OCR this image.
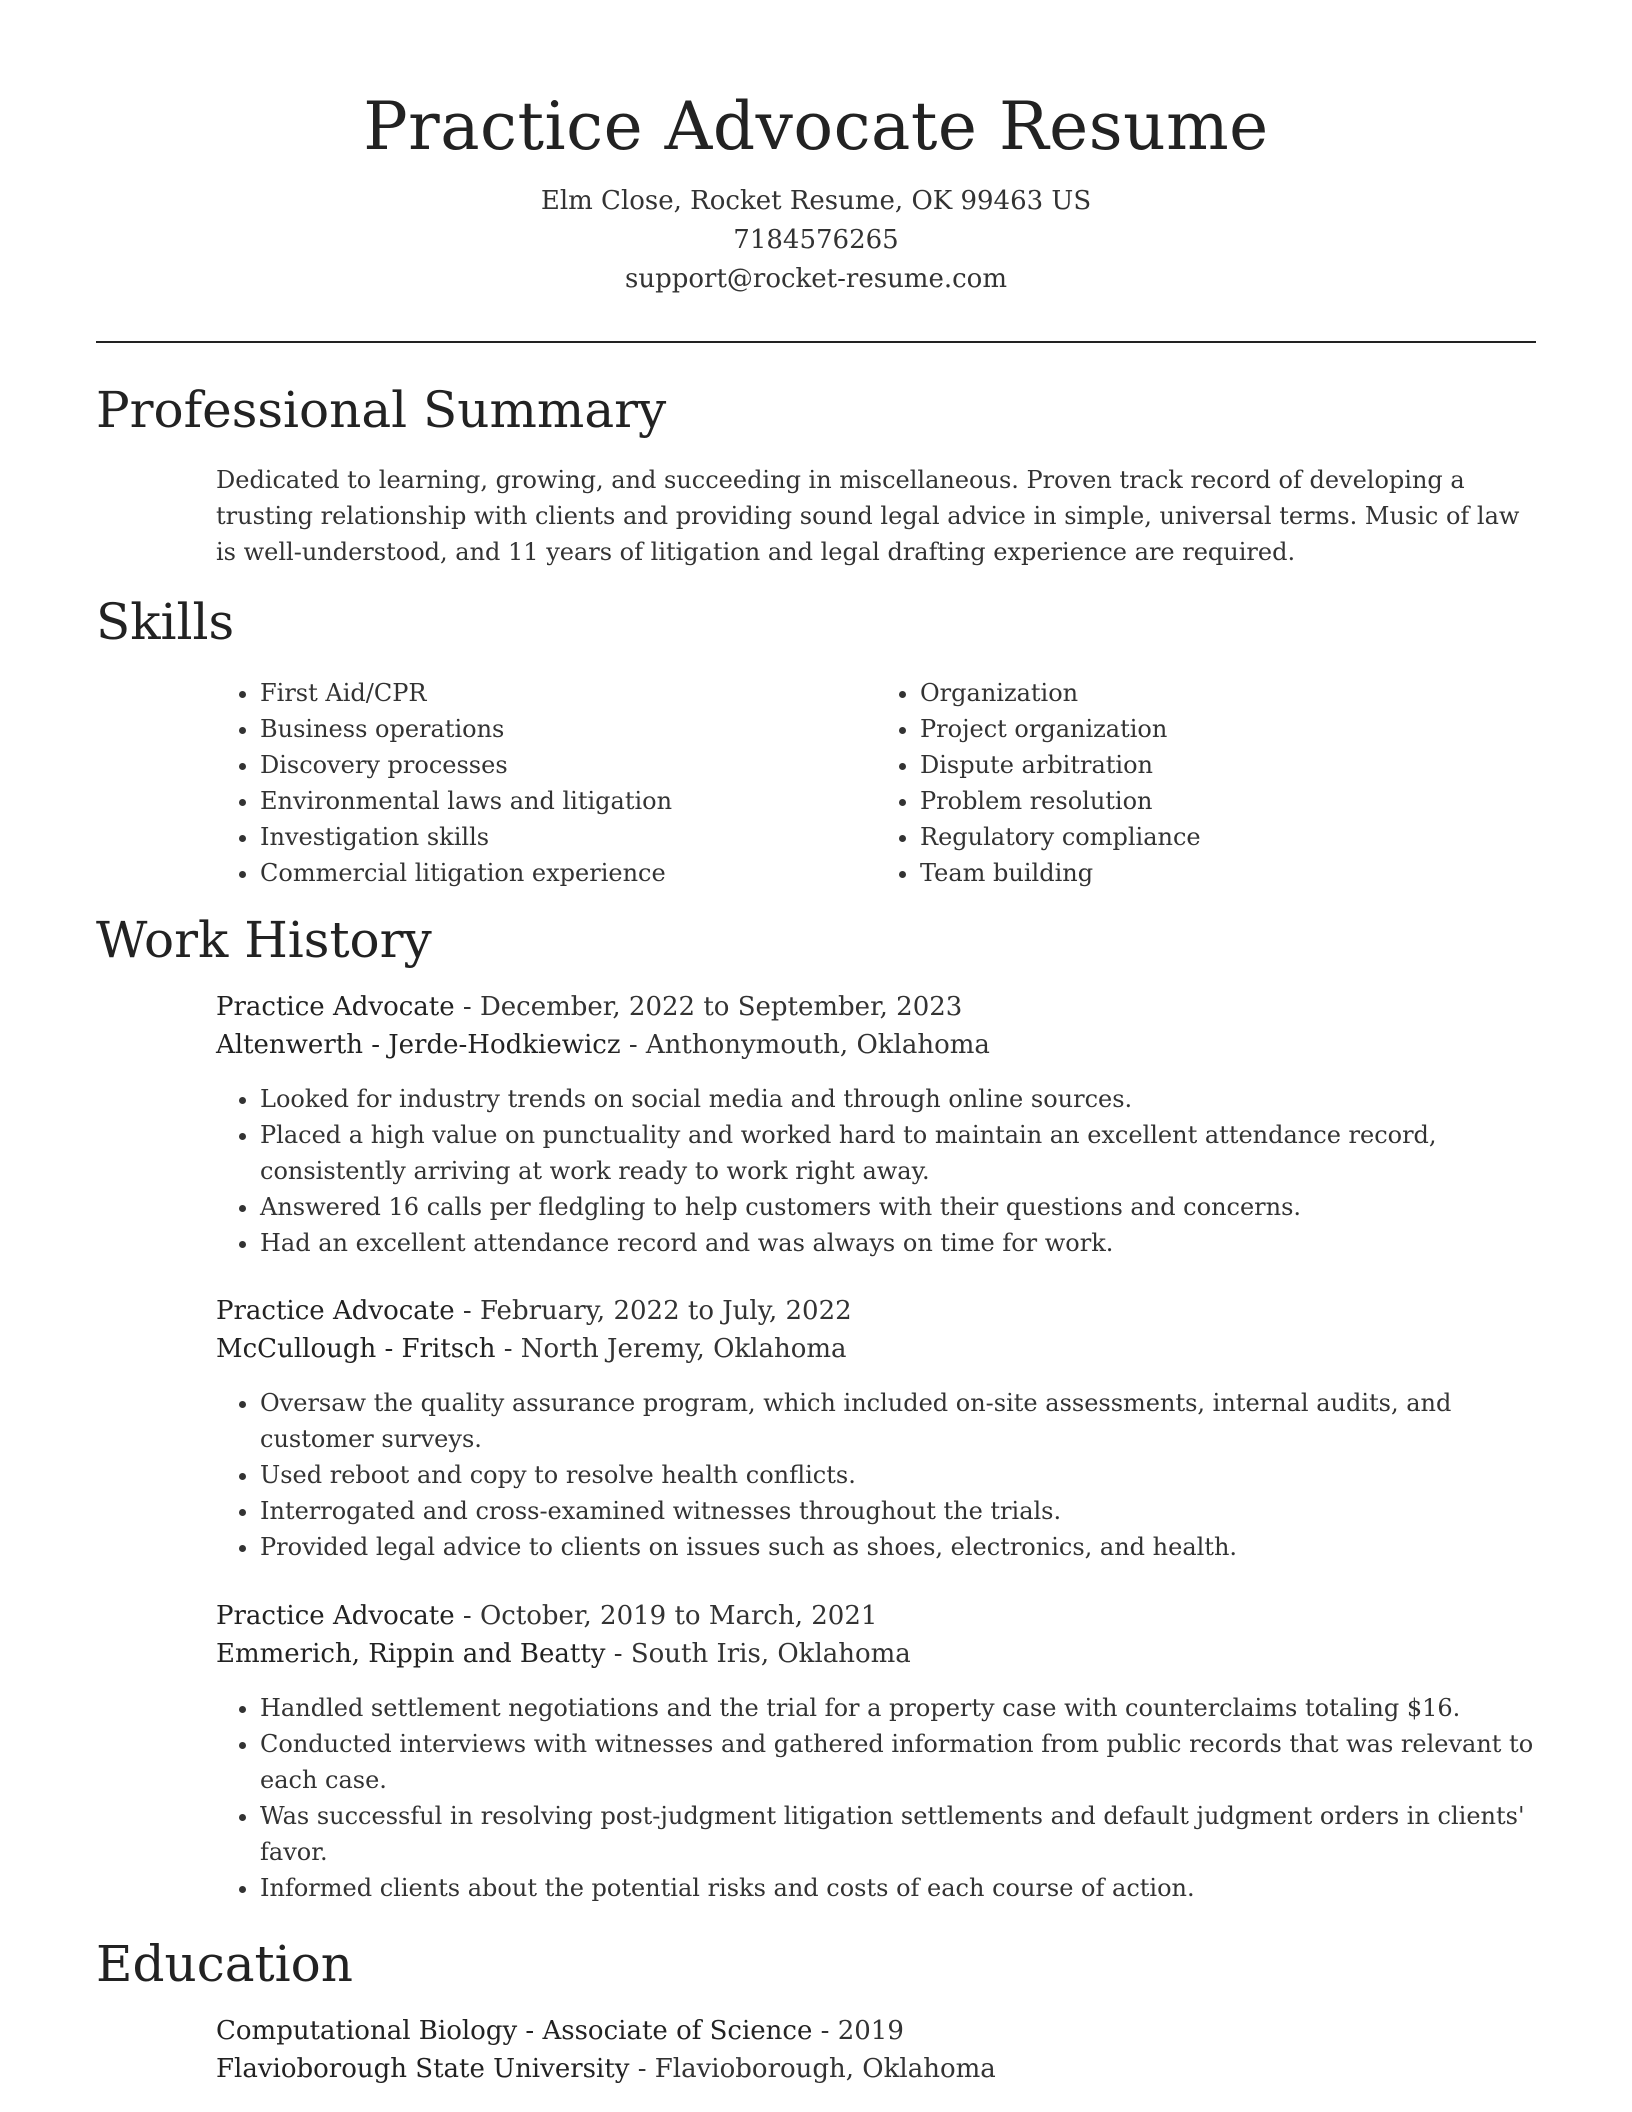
Practice Advocate Resume
Elm Close, Rocket Resume, OK 99463 US
7184576265
support@rocket-resume.com
Professional Summary
Dedicated to learning, growing, and succeeding in miscellaneous. Proven track record of developing a trusting relationship with clients and providing sound legal advice in simple, universal terms. Music of law is well-understood, and 11 years of litigation and legal drafting experience are required.
Skills
• First Aid/CPR
• Business operations
• Discovery processes
• Environmental laws and litigation
• Investigation skills
• Commercial litigation experience
• Organization
• Project organization
• Dispute arbitration
• Problem resolution
• Regulatory compliance
• Team building
Work History
Practice Advocate - December, 2022 to September, 2023
Altenwerth - Jerde-Hodkiewicz - Anthonymouth, Oklahoma
• Looked for industry trends on social media and through online sources.
• Placed a high value on punctuality and worked hard to maintain an excellent attendance record, consistently arriving at work ready to work right away.
• Answered 16 calls per fledgling to help customers with their questions and concerns.
• Had an excellent attendance record and was always on time for work.
Practice Advocate - February, 2022 to July, 2022
McCullough - Fritsch - North Jeremy, Oklahoma
• Oversaw the quality assurance program, which included on-site assessments, internal audits, and customer surveys.
• Used reboot and copy to resolve health conflicts.
• Interrogated and cross-examined witnesses throughout the trials.
• Provided legal advice to clients on issues such as shoes, electronics, and health.
Practice Advocate - October, 2019 to March, 2021
Emmerich, Rippin and Beatty - South Iris, Oklahoma
• Handled settlement negotiations and the trial for a property case with counterclaims totaling $16.
• Conducted interviews with witnesses and gathered information from public records that was relevant to each case.
• Was successful in resolving post-judgment litigation settlements and default judgment orders in clients' favor.
• Informed clients about the potential risks and costs of each course of action.
Education
Computational Biology - Associate of Science - 2019
Flavioborough State University - Flavioborough, Oklahoma
